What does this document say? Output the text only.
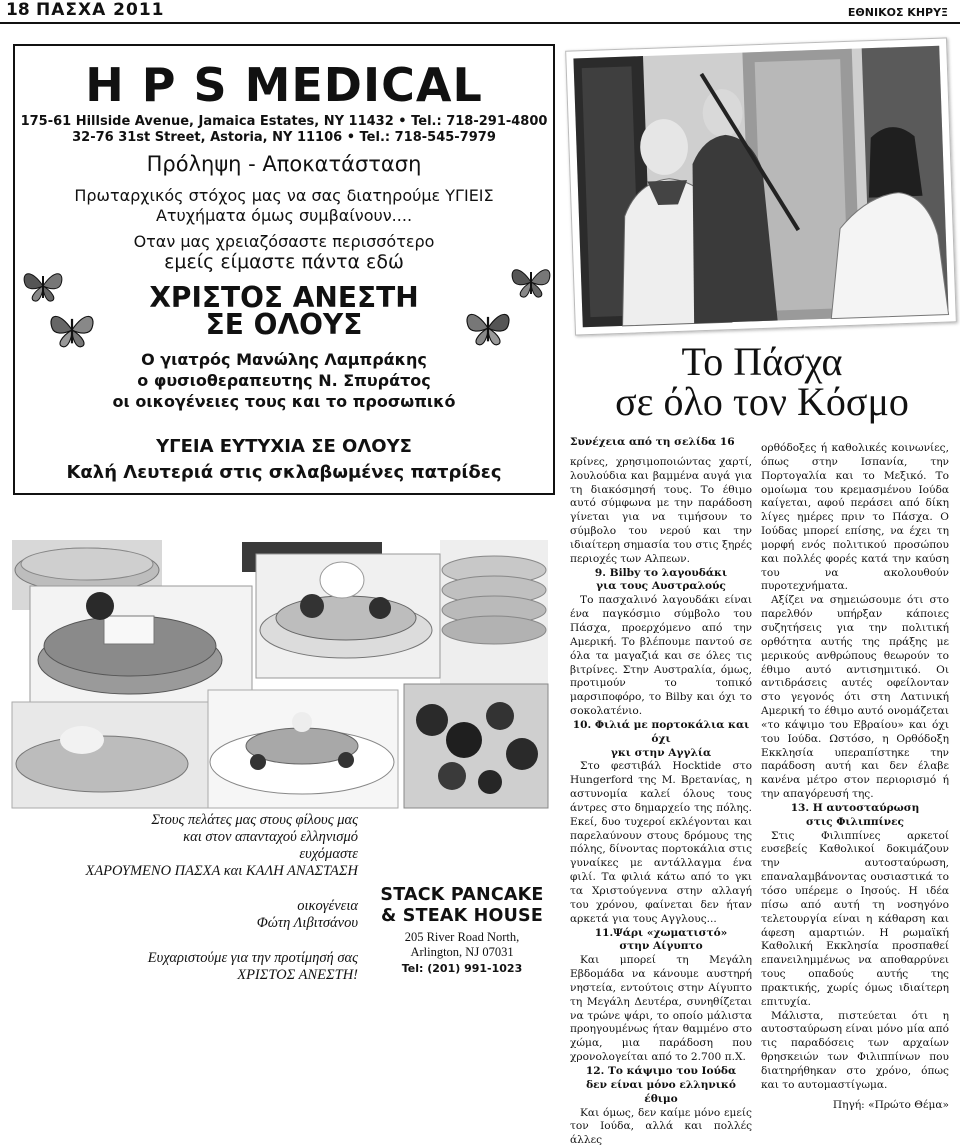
18 ΠΑΣΧΑ 2011	ΕΘΝΙΚΟΣ ΚΗΡΥΞ
H P S MEDICAL
175-61 Hillside Avenue, Jamaica Estates, NY 11432 • Tel.: 718-291-4800
32-76 31st Street, Astoria, NY 11106 • Tel.: 718-545-7979
Πρόληψη - Αποκατάσταση
Πρωταρχικός στόχος μας να σας διατηρούμε ΥΓΙΕΙΣ
Ατυχήματα όμως συμβαίνουν....
Οταν μας χρειαζόσαστε περισσότερο
εμείς είμαστε πάντα εδώ
ΧΡΙΣΤΟΣ ΑΝΕΣΤΗ
ΣΕ ΟΛΟΥΣ
Ο γιατρός Μανώλης Λαμπράκης
ο φυσιοθεραπευτης Ν. Σπυράτος
οι οικογένειες τους και το προσωπικό
ΥΓΕΙΑ ΕΥΤΥΧΙΑ ΣΕ ΟΛΟΥΣ
Καλή Λευτεριά στις σκλαβωμένες πατρίδες
Το Πάσχα
σε όλο τον Κόσμο

Στους πελάτες μας στους φίλους μας

και στον απανταχού ελληνισμό

ευχόμαστε

ΧΑΡΟΥΜΕΝΟ ΠΑΣΧΑ και ΚΑΛΗ ΑΝΑΣΤΑΣΗ

οικογένεια

Φώτη Λιβιτσάνου

Ευχαριστούμε για την προτίμησή σας

ΧΡΙΣΤΟΣ ΑΝΕΣΤΗ!

STACK PANCAKE
& STEAK HOUSE
205 River Road North,
Arlington, NJ 07031
Tel: (201) 991-1023

Συνέχεια από τη σελίδα 16

κρίνες, χρησιμοποιώντας χαρτί, λουλούδια και βαμμένα αυγά για τη διακόσμησή τους. Το έθιμο αυτό σύμφωνα με την παράδοση γίνεται για να τιμήσουν το σύμβολο του νερού και την ιδιαίτερη σημασία του στις ξηρές περιοχές των Αλπεων.

9. Bilby το λαγουδάκι

για τους Αυστραλούς

Το πασχαλινό λαγουδάκι είναι ένα παγκόσμιο σύμβολο του Πάσχα, προερχόμενο από την Αμερική. Το βλέπουμε παντού σε όλα τα μαγαζιά και σε όλες τις βιτρίνες. Στην Αυστραλία, όμως, προτιμούν το τοπικό μαρσιποφόρο, το Bilby και όχι το σοκολατένιο.

10. Φιλιά με πορτοκάλια και όχι

γκι στην Αγγλία

Στο φεστιβάλ Hocktide στο Hungerford της Μ. Βρετανίας, η αστυνομία καλεί όλους τους άντρες στο δημαρχείο της πόλης. Εκεί, δυο τυχεροί εκλέγονται και παρελαύνουν στους δρόμους της πόλης, δίνοντας πορτοκάλια στις γυναίκες με αντάλλαγμα ένα φιλί. Τα φιλιά κάτω από το γκι τα Χριστούγεννα στην αλλαγή του χρόνου, φαίνεται δεν ήταν αρκετά για τους Αγγλους...

11.Ψάρι «χωματιστό»

στην Αίγυπτο

Και μπορεί τη Μεγάλη Εβδομάδα να κάνουμε αυστηρή νηστεία, εντούτοις στην Αίγυπτο τη Μεγάλη Δευτέρα, συνηθίζεται να τρώνε ψάρι, το οποίο μάλιστα προηγουμένως ήταν θαμμένο στο χώμα, μια παράδοση που χρονολογείται από το 2.700 π.Χ.

12. Το κάψιμο του Ιούδα

δεν είναι μόνο ελληνικό έθιμο

Και όμως, δεν καίμε μόνο εμείς τον Ιούδα, αλλά και πολλές άλλες

ορθόδοξες ή καθολικές κοινωνίες, όπως στην Ισπανία, την Πορτογαλία και το Μεξικό. Το ομοίωμα του κρεμασμένου Ιούδα καίγεται, αφού περάσει από δίκη λίγες ημέρες πριν το Πάσχα. Ο Ιούδας μπορεί επίσης, να έχει τη μορφή ενός πολιτικού προσώπου και πολλές φορές κατά την καύση του να ακολουθούν πυροτεχνήματα.

Αξίζει να σημειώσουμε ότι στο παρελθόν υπήρξαν κάποιες συζητήσεις για την πολιτική ορθότητα αυτής της πράξης με μερικούς ανθρώπους θεωρούν το έθιμο αυτό αντισημιτικό. Οι αντιδράσεις αυτές οφείλονταν στο γεγονός ότι στη Λατινική Αμερική το έθιμο αυτό ονομάζεται «το κάψιμο του Εβραίου» και όχι του Ιούδα. Ωστόσο, η Ορθόδοξη Εκκλησία υπεραπίστηκε την παράδοση αυτή και δεν έλαβε κανένα μέτρο στον περιορισμό ή την απαγόρευσή της.

13. Η αυτοσταύρωση

στις Φιλιππίνες

Στις Φιλιππίνες αρκετοί ευσεβείς Καθολικοί δοκιμάζουν την αυτοσταύρωση, επαναλαμβάνοντας ουσιαστικά το τόσο υπέρεμε ο Ιησούς. Η ιδέα πίσω από αυτή τη νοσηγόνο τελετουργία είναι η κάθαρση και άφεση αμαρτιών. Η ρωμαϊκή Καθολική Εκκλησία προσπαθεί επανειλημμένως να αποθαρρύνει τους οπαδούς αυτής της πρακτικής, χωρίς όμως ιδιαίτερη επιτυχία.

Μάλιστα, πιστεύεται ότι η αυτοσταύρωση είναι μόνο μία από τις παραδόσεις των αρχαίων θρησκειών των Φιλιππίνων που διατηρήθηκαν στο χρόνο, όπως και το αυτομαστίγωμα.

Πηγή: «Πρώτο Θέμα»
